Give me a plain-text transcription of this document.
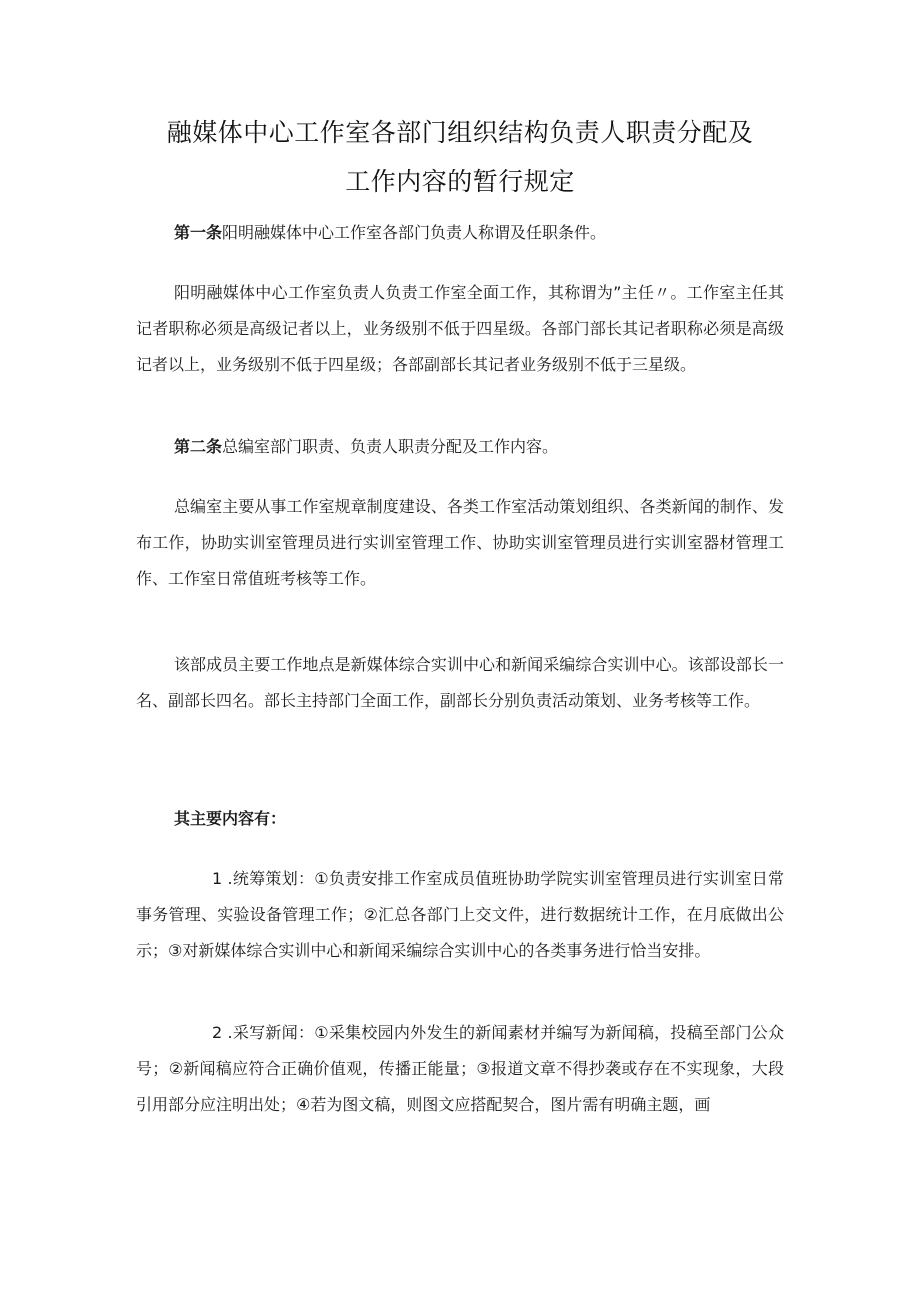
融媒体中心工作室各部门组织结构负责人职责分配及
工作内容的暂行规定

第一条阳明融媒体中心工作室各部门负责人称谓及任职条件。

阳明融媒体中心工作室负责人负责工作室全面工作，其称谓为”主任〃。工作室主任其记者职称必须是高级记者以上，业务级别不低于四星级。各部门部长其记者职称必须是高级记者以上，业务级别不低于四星级；各部副部长其记者业务级别不低于三星级。

第二条总编室部门职责、负责人职责分配及工作内容。

总编室主要从事工作室规章制度建设、各类工作室活动策划组织、各类新闻的制作、发布工作，协助实训室管理员进行实训室管理工作、协助实训室管理员进行实训室器材管理工作、工作室日常值班考核等工作。

该部成员主要工作地点是新媒体综合实训中心和新闻采编综合实训中心。该部设部长一名、副部长四名。部长主持部门全面工作，副部长分别负责活动策划、业务考核等工作。

其主要内容有：

1 .统筹策划：①负责安排工作室成员值班协助学院实训室管理员进行实训室日常事务管理、实验设备管理工作；②汇总各部门上交文件，进行数据统计工作，在月底做出公示；③对新媒体综合实训中心和新闻采编综合实训中心的各类事务进行恰当安排。

2 .采写新闻：①采集校园内外发生的新闻素材并编写为新闻稿，投稿至部门公众号；②新闻稿应符合正确价值观，传播正能量；③报道文章不得抄袭或存在不实现象，大段引用部分应注明出处；④若为图文稿，则图文应搭配契合，图片需有明确主题，画
